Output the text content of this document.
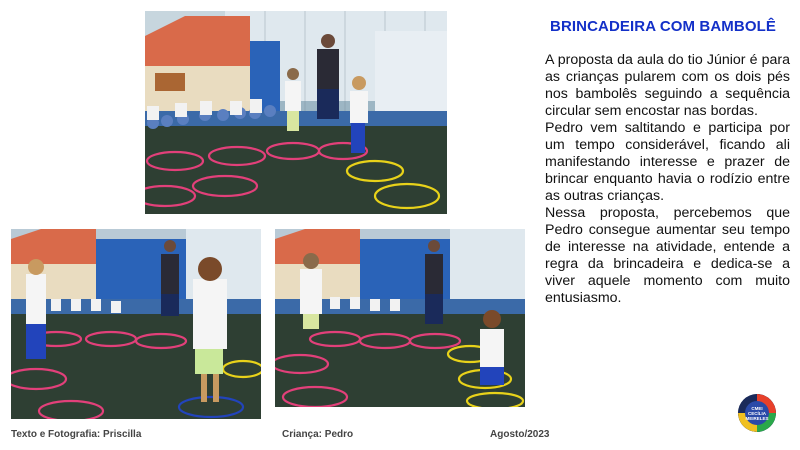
BRINCADEIRA COM BAMBOLÊ

A proposta da aula do tio Júnior é para as crianças pularem com os dois pés nos bambolês seguindo a sequência circular sem encostar nas bordas.

Pedro vem saltitando e participa por um tempo considerável, ficando ali manifestando interesse e prazer de brincar enquanto havia o rodízio entre as outras crianças.

Nessa proposta, percebemos que Pedro consegue aumentar seu tempo de interesse na atividade, entende a regra da brincadeira e dedica-se a viver aquele momento com muito entusiasmo.

Texto e Fotografia: Priscilla	Criança: Pedro	Agosto/2023
CMEI
CECÍLIA
MEIRELES
